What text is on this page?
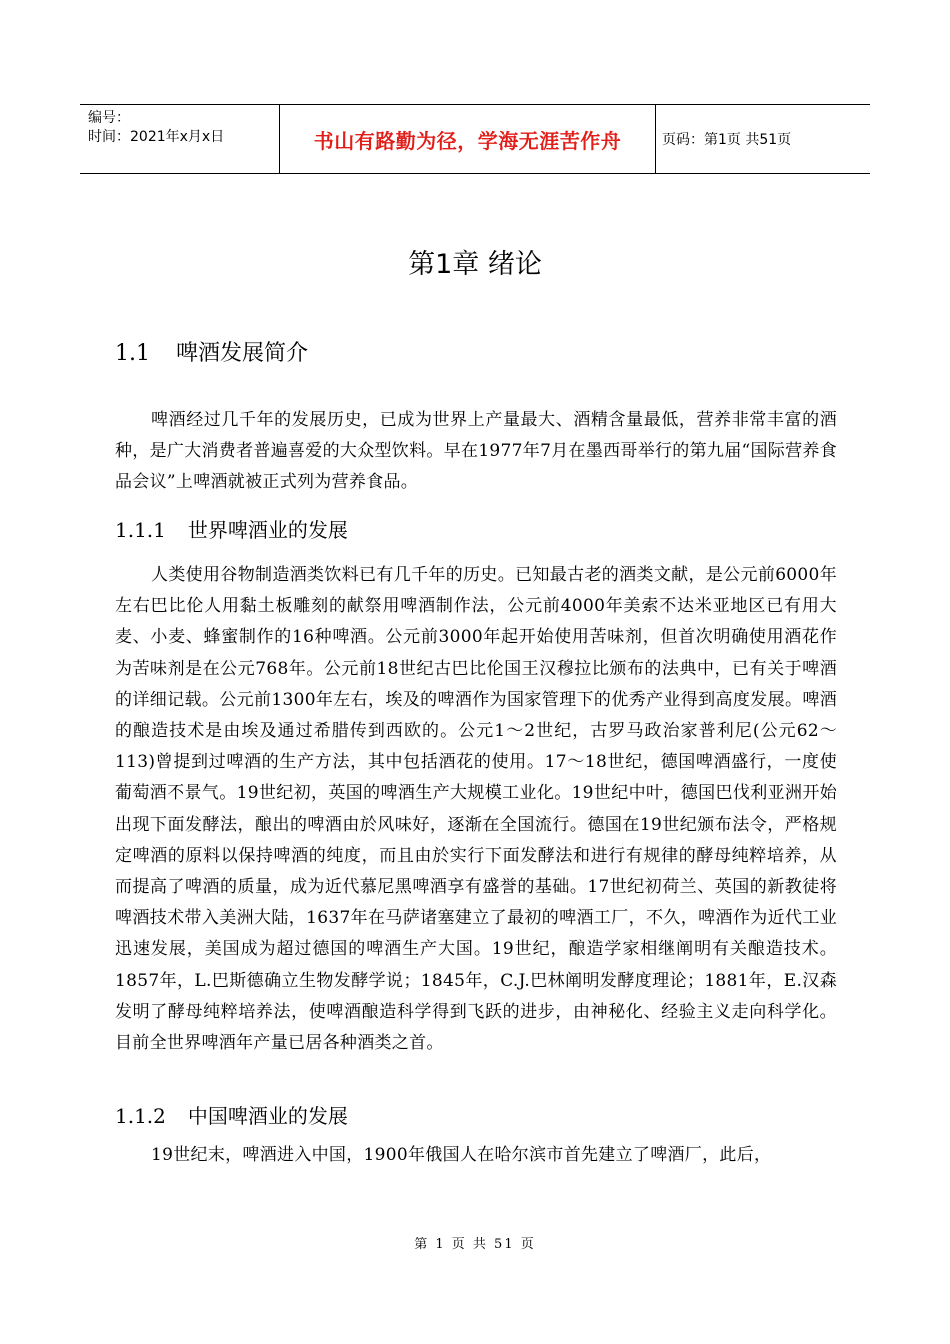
编号：
时间：2021年x月x日	书山有路勤为径，学海无涯苦作舟	页码：第1页 共51页
第1章 绪论
1.1 啤酒发展简介
啤酒经过几千年的发展历史，已成为世界上产量最大、酒精含量最低，营养非常丰富的酒种，是广大消费者普遍喜爱的大众型饮料。早在1977年7月在墨西哥举行的第九届“国际营养食品会议”上啤酒就被正式列为营养食品。
1.1.1 世界啤酒业的发展
人类使用谷物制造酒类饮料已有几千年的历史。已知最古老的酒类文献，是公元前6000年左右巴比伦人用黏土板雕刻的献祭用啤酒制作法，公元前4000年美索不达米亚地区已有用大麦、小麦、蜂蜜制作的16种啤酒。公元前3000年起开始使用苦味剂，但首次明确使用酒花作为苦味剂是在公元768年。公元前18世纪古巴比伦国王汉穆拉比颁布的法典中，已有关于啤酒的详细记载。公元前1300年左右，埃及的啤酒作为国家管理下的优秀产业得到高度发展。啤酒的酿造技术是由埃及通过希腊传到西欧的。公元1～2世纪，古罗马政治家普利尼(公元62～113)曾提到过啤酒的生产方法，其中包括酒花的使用。17～18世纪，德国啤酒盛行，一度使葡萄酒不景气。19世纪初，英国的啤酒生产大规模工业化。19世纪中叶，德国巴伐利亚洲开始出现下面发酵法，酿出的啤酒由於风味好，逐渐在全国流行。德国在19世纪颁布法令，严格规定啤酒的原料以保持啤酒的纯度，而且由於实行下面发酵法和进行有规律的酵母纯粹培养，从而提高了啤酒的质量，成为近代慕尼黑啤酒享有盛誉的基础。17世纪初荷兰、英国的新教徒将啤酒技术带入美洲大陆，1637年在马萨诸塞建立了最初的啤酒工厂，不久，啤酒作为近代工业迅速发展，美国成为超过德国的啤酒生产大国。19世纪，酿造学家相继阐明有关酿造技术。1857年，L.巴斯德确立生物发酵学说；1845年，C.J.巴林阐明发酵度理论；1881年，E.汉森发明了酵母纯粹培养法，使啤酒酿造科学得到飞跃的进步，由神秘化、经验主义走向科学化。目前全世界啤酒年产量已居各种酒类之首。
1.1.2 中国啤酒业的发展
19世纪末，啤酒进入中国，1900年俄国人在哈尔滨市首先建立了啤酒厂，此后，
第 1 页 共 51 页
